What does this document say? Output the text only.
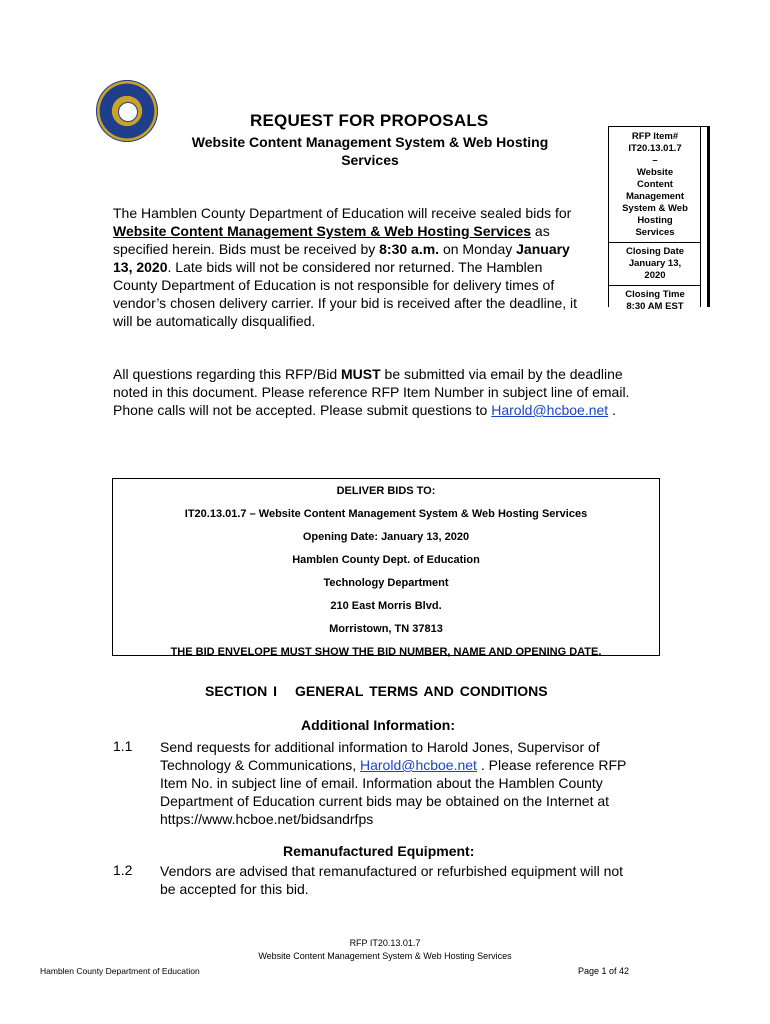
REQUEST FOR PROPOSALS
Website Content Management System & Web Hosting
Services
The Hamblen County Department of Education will receive sealed bids for Website Content Management System & Web Hosting Services as specified herein. Bids must be received by 8:30 a.m. on Monday January 13, 2020. Late bids will not be considered nor returned. The Hamblen County Department of Education is not responsible for delivery times of vendor’s chosen delivery carrier. If your bid is received after the deadline, it will be automatically disqualified.
RFP Item#
IT20.13.01.7
–
Website
Content
Management
System & Web
Hosting
Services
Closing Date
January 13,
2020
Closing Time
8:30 AM EST
All questions regarding this RFP/Bid MUST be submitted via email by the deadline noted in this document. Please reference RFP Item Number in subject line of email. Phone calls will not be accepted. Please submit questions to Harold@hcboe.net .
DELIVER BIDS TO:
IT20.13.01.7 – Website Content Management System & Web Hosting Services
Opening Date: January 13, 2020
Hamblen County Dept. of Education
Technology Department
210 East Morris Blvd.
Morristown, TN 37813
THE BID ENVELOPE MUST SHOW THE BID NUMBER, NAME AND OPENING DATE.
SECTION I GENERAL TERMS AND CONDITIONS
Additional Information:
1.1 Send requests for additional information to Harold Jones, Supervisor of Technology & Communications, Harold@hcboe.net . Please reference RFP Item No. in subject line of email. Information about the Hamblen County Department of Education current bids may be obtained on the Internet at https://www.hcboe.net/bidsandrfps
Remanufactured Equipment:
1.2 Vendors are advised that remanufactured or refurbished equipment will not be accepted for this bid.
RFP IT20.13.01.7
Website Content Management System & Web Hosting Services
Hamblen County Department of Education	Page 1 of 42
